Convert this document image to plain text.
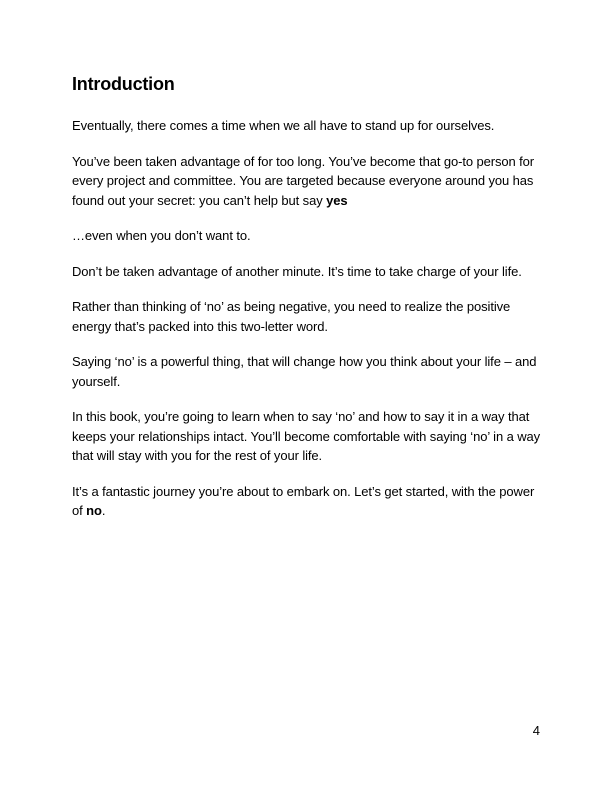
Introduction

Eventually, there comes a time when we all have to stand up for ourselves.

You’ve been taken advantage of for too long. You’ve become that go-to person for every project and committee. You are targeted because everyone around you has found out your secret: you can’t help but say yes

…even when you don’t want to.

Don’t be taken advantage of another minute. It’s time to take charge of your life.

Rather than thinking of ‘no’ as being negative, you need to realize the positive energy that’s packed into this two-letter word.

Saying ‘no’ is a powerful thing, that will change how you think about your life – and yourself.

In this book, you’re going to learn when to say ‘no’ and how to say it in a way that keeps your relationships intact. You’ll become comfortable with saying ‘no’ in a way that will stay with you for the rest of your life.

It’s a fantastic journey you’re about to embark on. Let’s get started, with the power of no.

4
